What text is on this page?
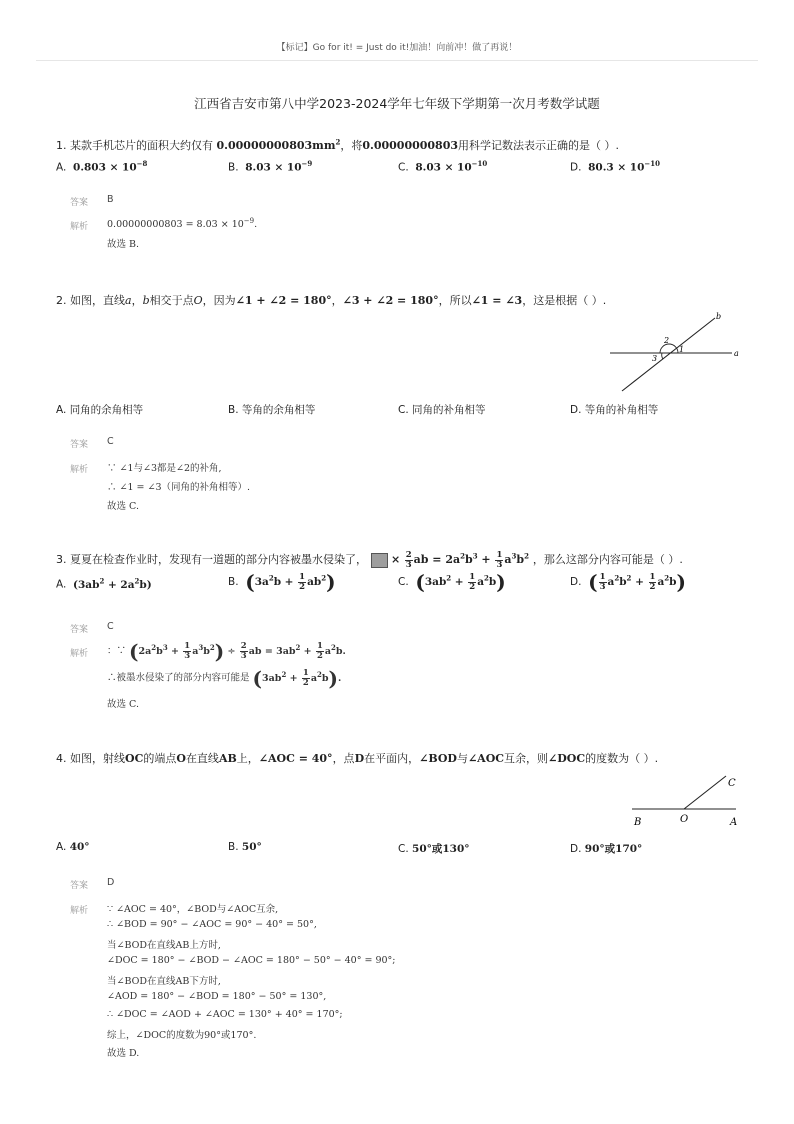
【标记】Go for it! = Just do it!加油！向前冲！做了再说！
江西省吉安市第八中学2023-2024学年七年级下学期第一次月考数学试题
1. 某款手机芯片的面积大约仅有 $0.00000000803mm^2$，将0.00000000803用科学记数法表示正确的是（ ）.
A. $0.803 \times 10^{-8}$	B. $8.03 \times 10^{-9}$	C. $8.03 \times 10^{-10}$	D. $80.3 \times 10^{-10}$
答案 B
解析 $0.00000000803 = 8.03 \times 10^{-9}$.
故选 B.
2. 如图，直线a，b相交于点O，因为∠1 + ∠2 = 180°，∠3 + ∠2 = 180°，所以∠1 = ∠3，这是根据（ ）.
a
b
1
2
3
A. 同角的余角相等	B. 等角的余角相等	C. 同角的补角相等	D. 等角的补角相等
答案 C
解析 ∵ ∠1与∠3都是∠2的补角,
∴ ∠1 = ∠3（同角的补角相等）.
故选 C.
3. 夏夏在检查作业时，发现有一道题的部分内容被墨水侵染了， × $\frac{2}{3}$ ab = $2a^2b^3 + \frac{1}{3} a^3b^2$ ，那么这部分内容可能是（ ）.
A. $(3ab^2 + 2a^2b)$	B. $(3a^2b + \frac{1}{2} ab^2)$	C. $(3ab^2 + \frac{1}{2} a^2b)$	D. ( $\frac{1}{3} a^2b^2 + \frac{1}{2} a^2b$)
答案 C
解析 ：∵ $(2a^2b^3 + \frac{1}{3} a^3b^2) \div \frac{2}{3}$ ab = $3ab^2 + \frac{1}{2} a^2b$.
∴被墨水侵染了的部分内容可能是 $(3ab^2 + \frac{1}{2} a^2b)$.
故选 C.
4. 如图，射线OC的端点O在直线AB上，∠AOC = 40°，点D在平面内，∠BOD与∠AOC互余，则∠DOC的度数为（ ）.
B	O	A
C
A. 40°	B. 50°	C. 50°或130°	D. 90°或170°
答案 D
解析 ∵ ∠AOC = 40°，∠BOD与∠AOC互余,
∴ ∠BOD = 90° − ∠AOC = 90° − 40° = 50°,
当∠BOD在直线AB上方时,
∠DOC = 180° − ∠BOD − ∠AOC = 180° − 50° − 40° = 90°;
当∠BOD在直线AB下方时,
∠AOD = 180° − ∠BOD = 180° − 50° = 130°,
∴ ∠DOC = ∠AOD + ∠AOC = 130° + 40° = 170°;
综上，∠DOC的度数为90°或170°.
故选 D.
